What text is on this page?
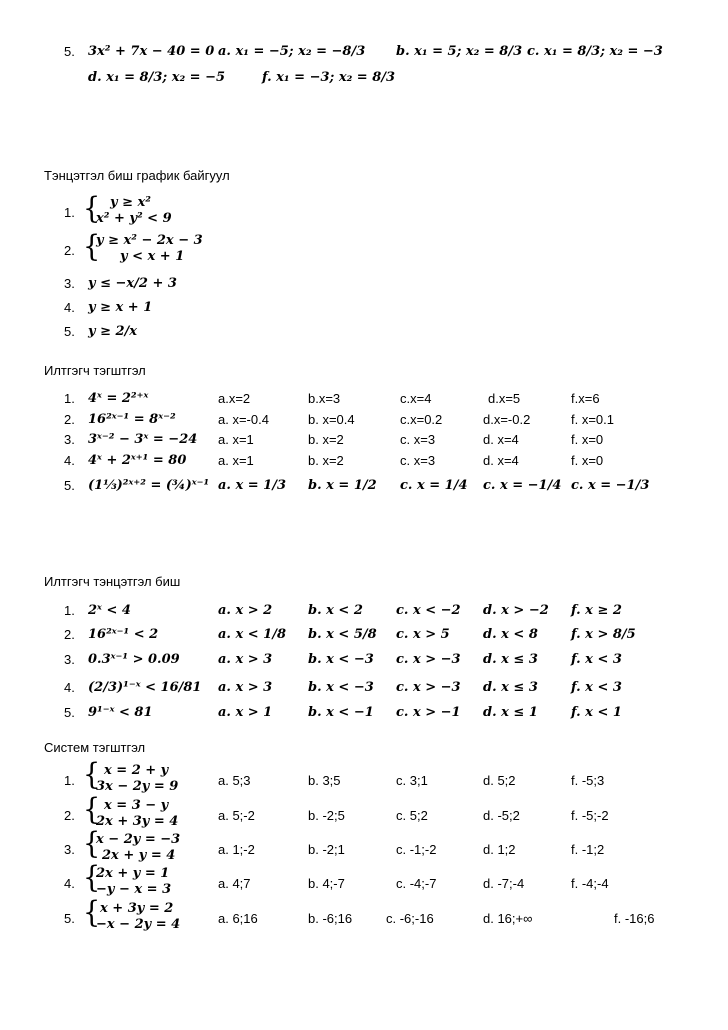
5. 3x² + 7x − 40 = 0 a. x₁ = −5; x₂ = −8/3 b. x₁ = 5; x₂ = 8/3 c. x₁ = 8/3; x₂ = −3
d. x₁ = 8/3; x₂ = −5	f. x₁ = −3; x₂ = 8/3
Тэнцэтгэл биш график байгуул
1. { y ≥ x²
x² + y² < 9
2. {
y ≥ x² − 2x − 3
y < x + 1
3. y ≤ −x/2 + 3
4. y ≥ x + 1
5. y ≥ 2/x
Илтгэгч тэгштгэл
1. 4ˣ = 2²⁺ˣ	a.x=2	b.x=3	c.x=4	d.x=5	f.x=6
2. 16²ˣ⁻¹ = 8ˣ⁻²	a. x=-0.4	b. x=0.4	c.x=0.2	d.x=-0.2	f. x=0.1
3. 3ˣ⁻² − 3ˣ = −24 a. x=1	b. x=2	c. x=3	d. x=4	f. x=0
4. 4ˣ + 2ˣ⁺¹ = 80 a. x=1	b. x=2	c. x=3	d. x=4	f. x=0
5. (1⅓)²ˣ⁺² = (¾)ˣ⁻¹ a. x = 1/3 b. x = 1/2 c. x = 1/4 c. x = −1/4 c. x = −1/3
Илтгэгч тэнцэтгэл биш
1. 2ˣ < 4	a. x > 2	b. x < 2	c. x < −2 d. x > −2 f. x ≥ 2
2. 16²ˣ⁻¹ < 2	a. x < 1/8 b. x < 5/8 c. x > 5	d. x < 8	f. x > 8/5
3. 0.3ˣ⁻¹ > 0.09	a. x > 3	b. x < −3 c. x > −3 d. x ≤ 3	f. x < 3
4. (2/3)¹⁻ˣ < 16/81 a. x > 3	b. x < −3 c. x > −3 d. x ≤ 3	f. x < 3
5. 9¹⁻ˣ < 81	a. x > 1	b. x < −1 c. x > −1 d. x ≤ 1	f. x < 1
Систем тэгштгэл
1. { x = 2 + y
3x − 2y = 9	a. 5;3	b. 3;5	c. 3;1	d. 5;2	f. -5;3
2. { x = 3 − y
2x + 3y = 4	a. 5;-2	b. -2;5	c. 5;2	d. -5;2	f. -5;-2
3. {
x − 2y = −3
2x + y = 4	a. 1;-2	b. -2;1	c. -1;-2	d. 1;2	f. -1;2
4. {
2x + y = 1
−y − x = 3	a. 4;7	b. 4;-7	c. -4;-7	d. -7;-4	f. -4;-4
5. { x + 3y = 2
−x − 2y = 4	a. 6;16	b. -6;16	c. -6;-16	d. 16;+∞	f. -16;6
